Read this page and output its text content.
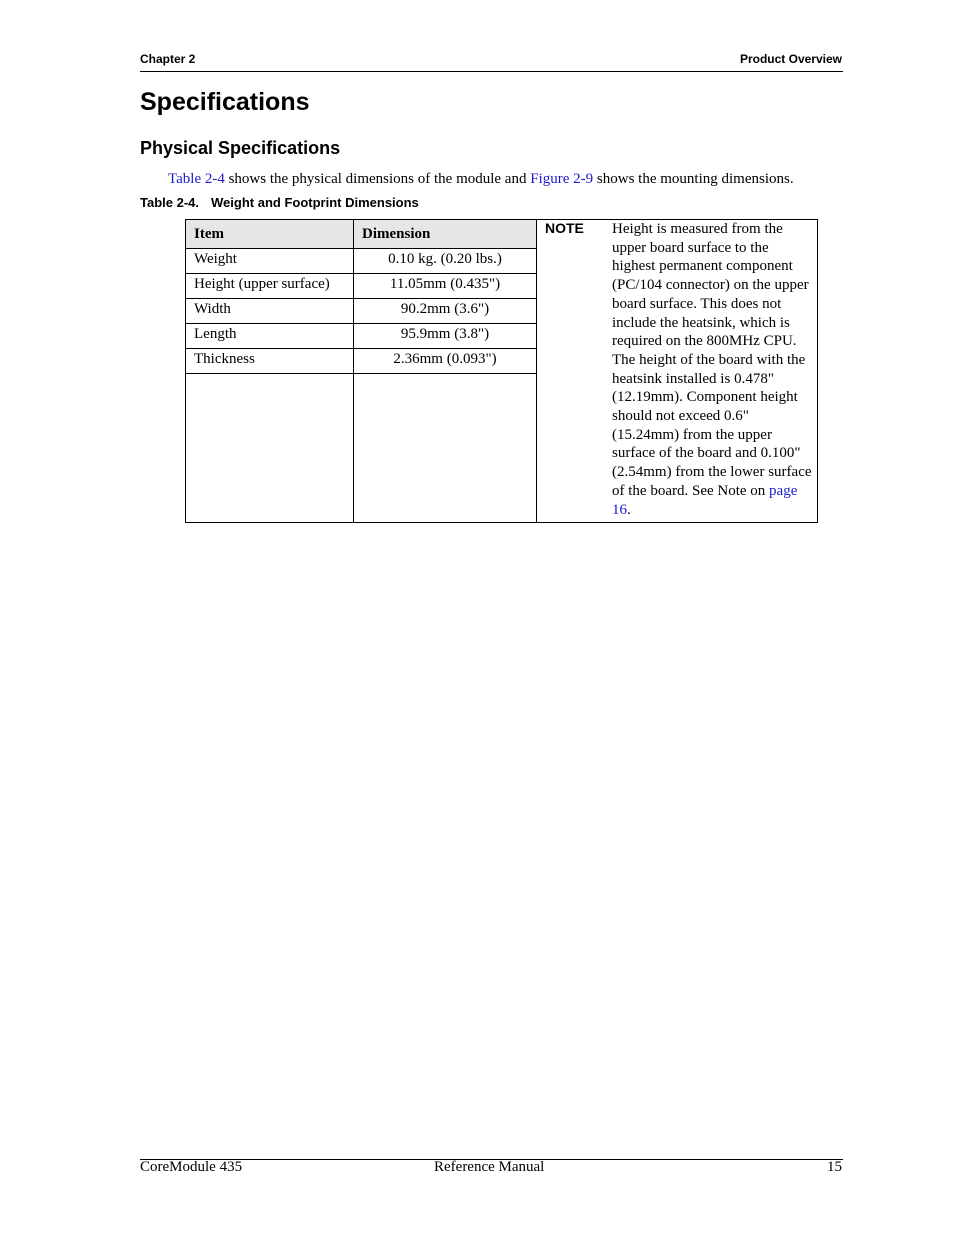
Chapter 2	Product Overview
Specifications
Physical Specifications
Table 2-4 shows the physical dimensions of the module and Figure 2-9 shows the mounting dimensions.
Table 2-4. Weight and Footprint Dimensions
Item	Dimension
Weight	0.10 kg. (0.20 lbs.)
Height (upper surface)	11.05mm (0.435")
Width	90.2mm (3.6")
Length	95.9mm (3.8")
Thickness	2.36mm (0.093")

NOTE Height is measured from the upper board surface to the highest permanent component (PC/104 connector) on the upper board surface. This does not include the heatsink, which is required on the 800MHz CPU. The height of the board with the heatsink installed is 0.478" (12.19mm). Component height should not exceed 0.6" (15.24mm) from the upper surface of the board and 0.100" (2.54mm) from the lower surface of the board. See Note on page 16.
CoreModule 435	Reference Manual	15
